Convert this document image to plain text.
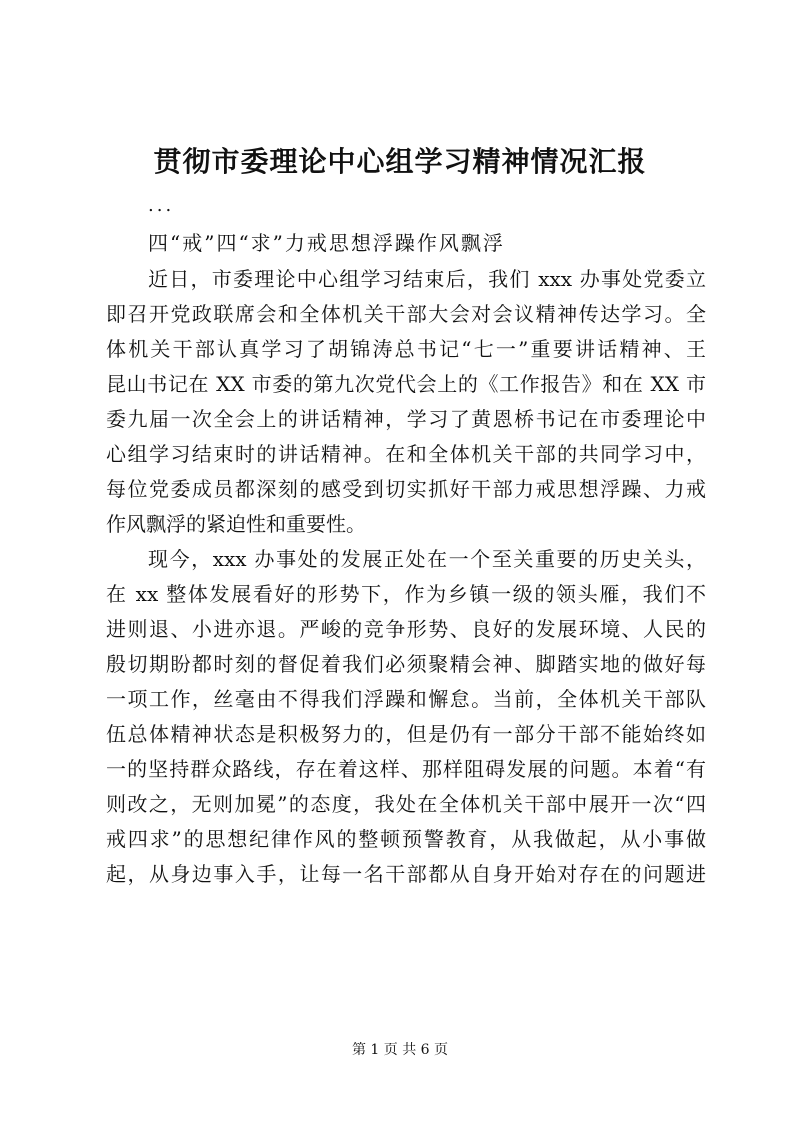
贯彻市委理论中心组学习精神情况汇报
...
四“戒”四“求”力戒思想浮躁作风飘浮
近日，市委理论中心组学习结束后，我们 xxx 办事处党委立
即召开党政联席会和全体机关干部大会对会议精神传达学习。全
体机关干部认真学习了胡锦涛总书记“七一”重要讲话精神、王
昆山书记在 XX 市委的第九次党代会上的《工作报告》和在 XX 市
委九届一次全会上的讲话精神，学习了黄恩桥书记在市委理论中
心组学习结束时的讲话精神。在和全体机关干部的共同学习中，
每位党委成员都深刻的感受到切实抓好干部力戒思想浮躁、力戒
作风飘浮的紧迫性和重要性。
现今，xxx 办事处的发展正处在一个至关重要的历史关头，
在 xx 整体发展看好的形势下，作为乡镇一级的领头雁，我们不
进则退、小进亦退。严峻的竞争形势、良好的发展环境、人民的
殷切期盼都时刻的督促着我们必须聚精会神、脚踏实地的做好每
一项工作，丝毫由不得我们浮躁和懈怠。当前，全体机关干部队
伍总体精神状态是积极努力的，但是仍有一部分干部不能始终如
一的坚持群众路线，存在着这样、那样阻碍发展的问题。本着“有
则改之，无则加冕”的态度，我处在全体机关干部中展开一次“四
戒四求”的思想纪律作风的整顿预警教育，从我做起，从小事做
起，从身边事入手，让每一名干部都从自身开始对存在的问题进
第 1 页 共 6 页
